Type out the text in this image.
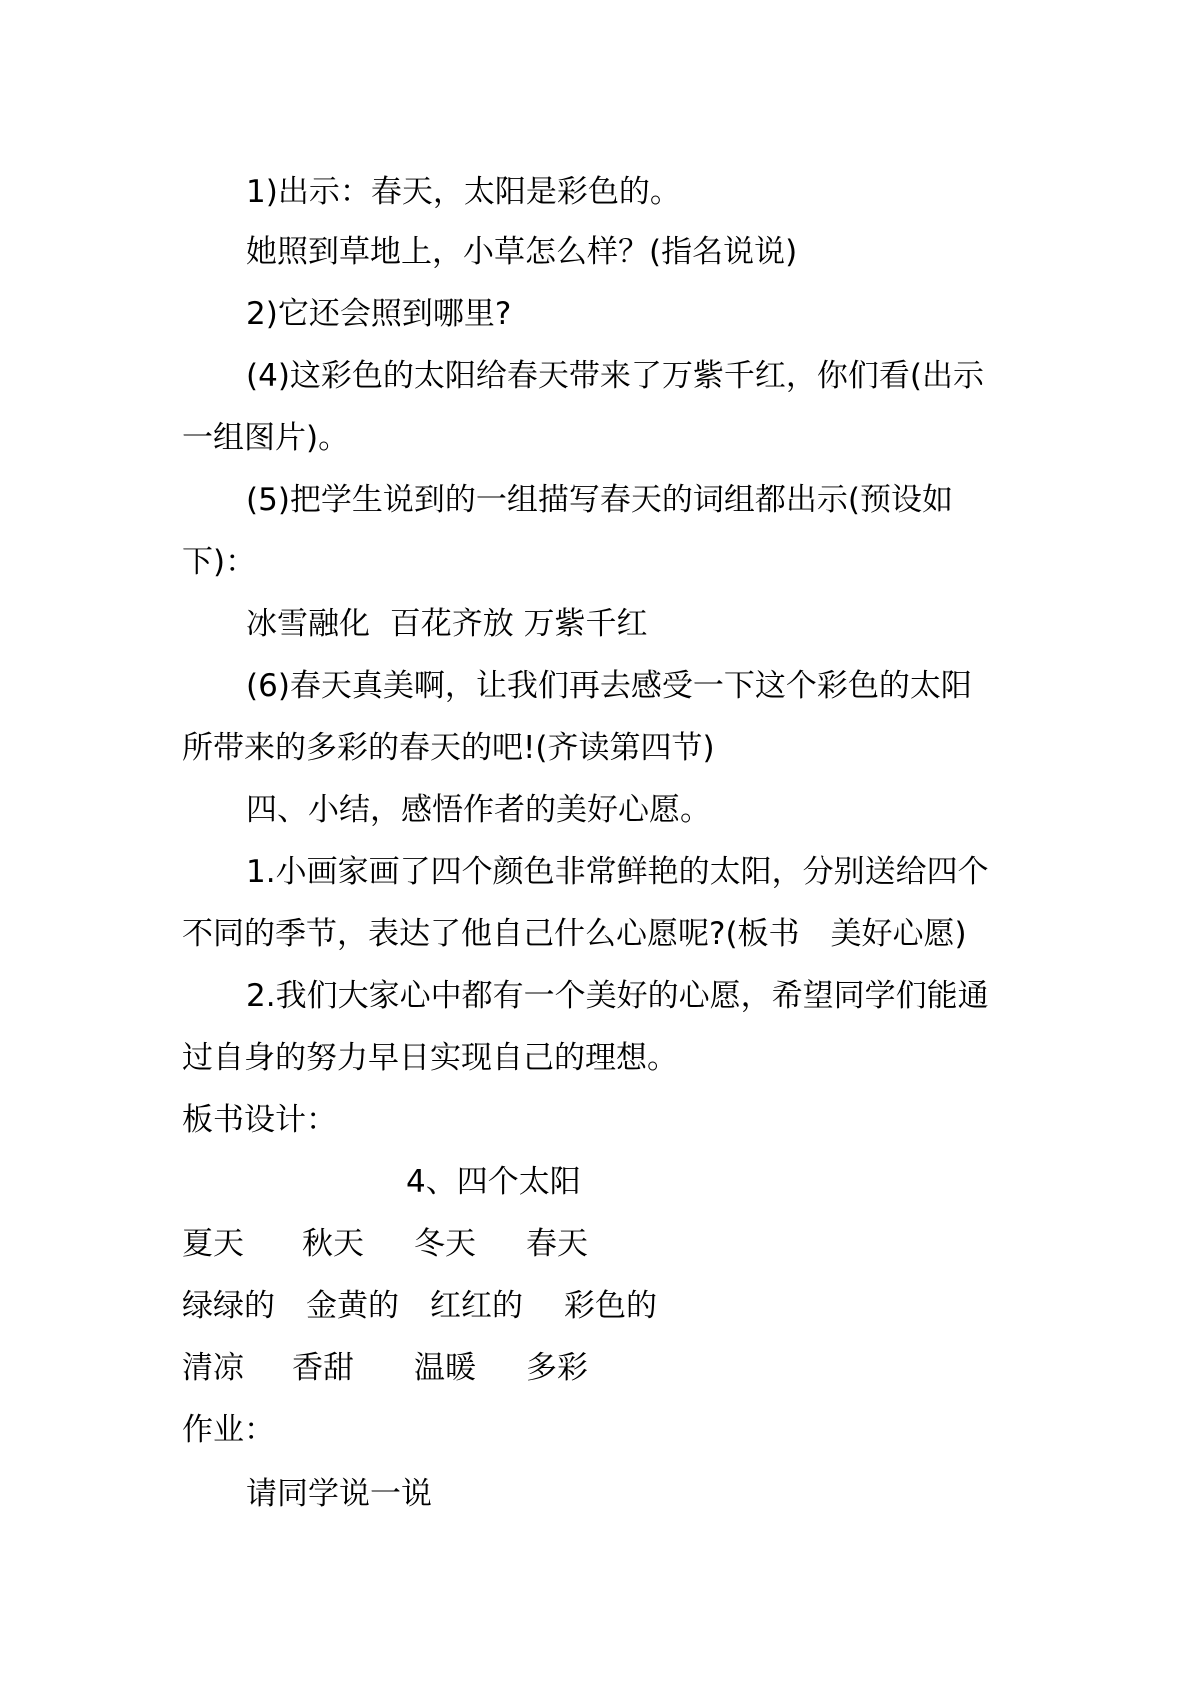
1)出示：春天，太阳是彩色的。
她照到草地上，小草怎么样？(指名说说)
2)它还会照到哪里?
(4)这彩色的太阳给春天带来了万紫千红，你们看(出示
一组图片)。
(5)把学生说到的一组描写春天的词组都出示(预设如
下)：
冰雪融化  百花齐放 万紫千红
(6)春天真美啊，让我们再去感受一下这个彩色的太阳
所带来的多彩的春天的吧!(齐读第四节)
四、小结，感悟作者的美好心愿。
1.小画家画了四个颜色非常鲜艳的太阳，分别送给四个
不同的季节，表达了他自己什么心愿呢?(板书　美好心愿)
2.我们大家心中都有一个美好的心愿，希望同学们能通
过自身的努力早日实现自己的理想。
板书设计：
4、四个太阳
夏天 秋天 冬天 春天
绿绿的 金黄的 红红的 彩色的
清凉 香甜 温暖 多彩
作业：
请同学说一说
